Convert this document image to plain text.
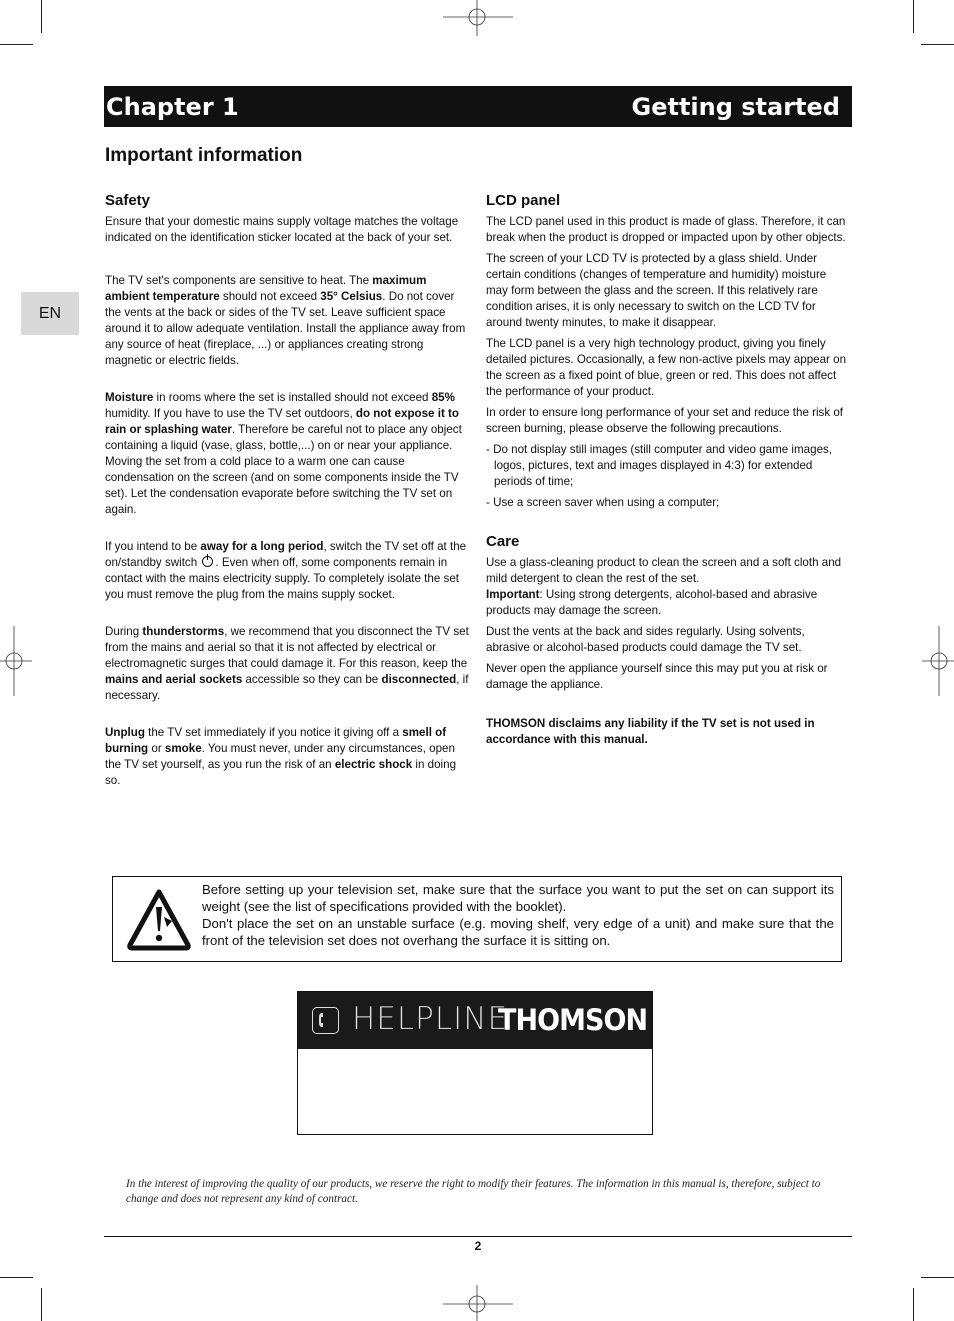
Chapter 1	Getting started
Important information
EN
Safety

Ensure that your domestic mains supply voltage matches the voltage indicated on the identification sticker located at the back of your set.

The TV set's components are sensitive to heat. The maximum ambient temperature should not exceed 35° Celsius. Do not cover the vents at the back or sides of the TV set. Leave sufficient space around it to allow adequate ventilation. Install the appliance away from any source of heat (fireplace, ...) or appliances creating strong magnetic or electric fields.

Moisture in rooms where the set is installed should not exceed 85% humidity. If you have to use the TV set outdoors, do not expose it to rain or splashing water. Therefore be careful not to place any object containing a liquid (vase, glass, bottle,...) on or near your appliance. Moving the set from a cold place to a warm one can cause condensation on the screen (and on some components inside the TV set). Let the condensation evaporate before switching the TV set on again.

If you intend to be away for a long period, switch the TV set off at the on/standby switch . Even when off, some components remain in contact with the mains electricity supply. To completely isolate the set you must remove the plug from the mains supply socket.

During thunderstorms, we recommend that you disconnect the TV set from the mains and aerial so that it is not affected by electrical or electromagnetic surges that could damage it. For this reason, keep the mains and aerial sockets accessible so they can be disconnected, if necessary.

Unplug the TV set immediately if you notice it giving off a smell of burning or smoke. You must never, under any circumstances, open the TV set yourself, as you run the risk of an electric shock in doing so.

LCD panel

The LCD panel used in this product is made of glass. Therefore, it can break when the product is dropped or impacted upon by other objects.

The screen of your LCD TV is protected by a glass shield. Under certain conditions (changes of temperature and humidity) moisture may form between the glass and the screen. If this relatively rare condition arises, it is only necessary to switch on the LCD TV for around twenty minutes, to make it disappear.

The LCD panel is a very high technology product, giving you finely detailed pictures. Occasionally, a few non-active pixels may appear on the screen as a fixed point of blue, green or red. This does not affect the performance of your product.

In order to ensure long performance of your set and reduce the risk of screen burning, please observe the following precautions.

- Do not display still images (still computer and video game images, logos, pictures, text and images displayed in 4:3) for extended periods of time;

- Use a screen saver when using a computer;

Care

Use a glass-cleaning product to clean the screen and a soft cloth and mild detergent to clean the rest of the set.
Important: Using strong detergents, alcohol-based and abrasive products may damage the screen.

Dust the vents at the back and sides regularly. Using solvents, abrasive or alcohol-based products could damage the TV set.

Never open the appliance yourself since this may put you at risk or damage the appliance.

THOMSON disclaims any liability if the TV set is not used in accordance with this manual.

Before setting up your television set, make sure that the surface you want to put the set on can support its weight (see the list of specifications provided with the booklet).

Don't place the set on an unstable surface (e.g. moving shelf, very edge of a unit) and make sure that the front of the television set does not overhang the surface it is sitting on.

HELPLINE
THOMSON
In the interest of improving the quality of our products, we reserve the right to modify their features. The information in this manual is, therefore, subject to change and does not represent any kind of contract.
2
